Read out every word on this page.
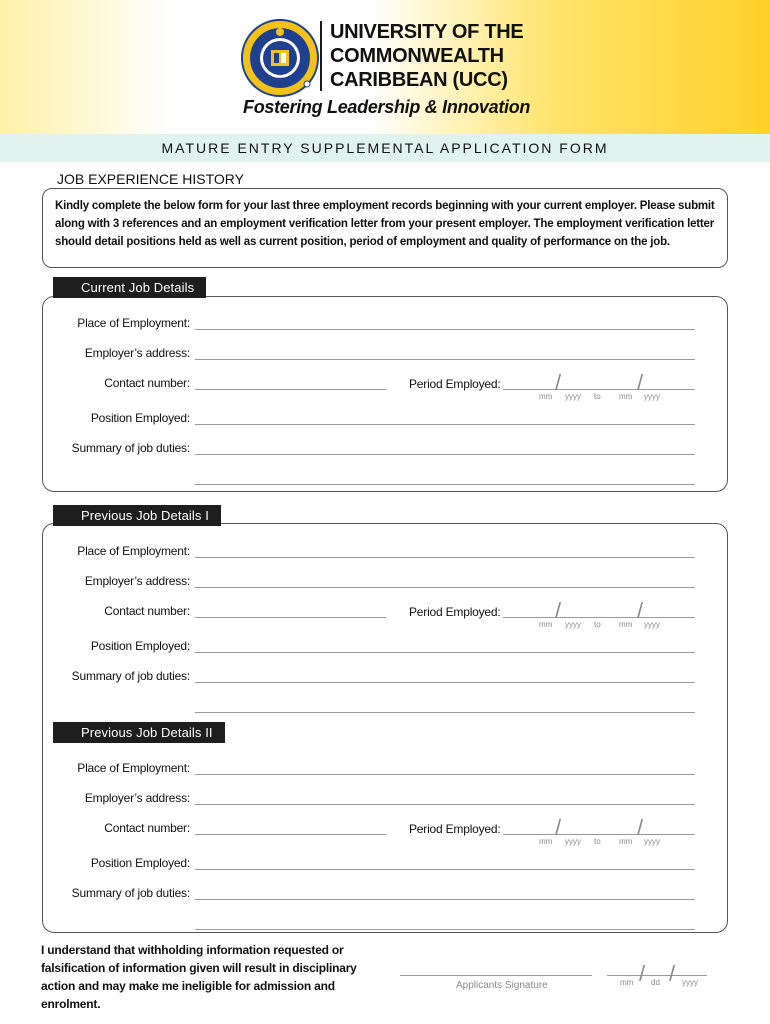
UNIVERSITY OF THE
COMMONWEALTH
CARIBBEAN (UCC)
Fostering Leadership & Innovation
MATURE ENTRY SUPPLEMENTAL APPLICATION FORM
JOB EXPERIENCE HISTORY
Kindly complete the below form for your last three employment records beginning with your current employer. Please submit along with 3 references and an employment verification letter from your present employer. The employment verification letter should detail positions held as well as current position, period of employment and quality of performance on the job.
Current Job Details
Place of Employment:
Employer’s address:
Contact number:	Period Employed: /	/
mm yyyy to mm yyyy
Position Employed:
Summary of job duties:
Previous Job Details I
Place of Employment:
Employer’s address:
Contact number:	Period Employed: /	/
mm yyyy to mm yyyy
Position Employed:
Summary of job duties:
Previous Job Details II
Place of Employment:
Employer’s address:
Contact number:	Period Employed: /	/
mm yyyy to mm yyyy
Position Employed:
Summary of job duties:
I understand that withholding information requested or falsification of information given will result in disciplinary action and may make me ineligible for admission and enrolment.
Applicants Signature	/ /
mm dd	yyyy
